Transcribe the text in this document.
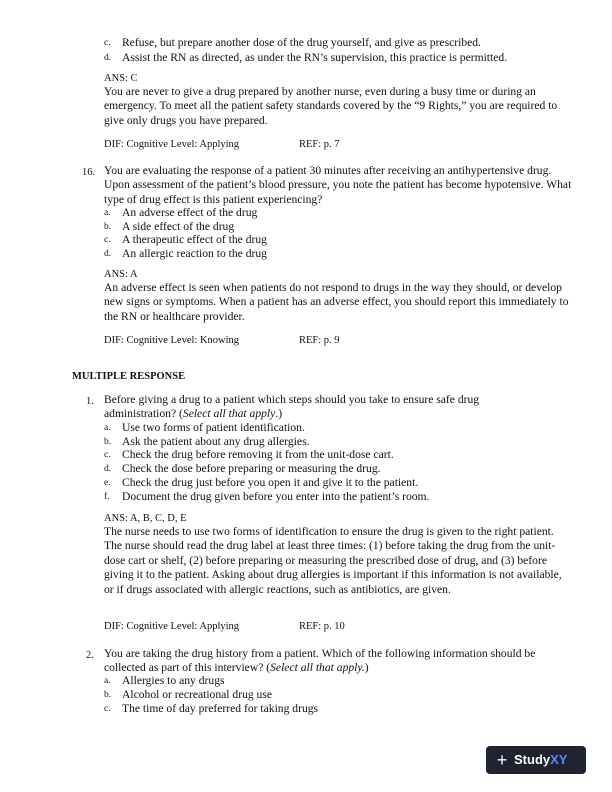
c. Refuse, but prepare another dose of the drug yourself, and give as prescribed.
d. Assist the RN as directed, as under the RN’s supervision, this practice is permitted.
ANS: C
You are never to give a drug prepared by another nurse, even during a busy time or during an emergency. To meet all the patient safety standards covered by the “9 Rights,” you are required to give only drugs you have prepared.
DIF: Cognitive Level: Applying	REF: p. 7
16. You are evaluating the response of a patient 30 minutes after receiving an antihypertensive drug. Upon assessment of the patient’s blood pressure, you note the patient has become hypotensive. What type of drug effect is this patient experiencing?
a. An adverse effect of the drug
b. A side effect of the drug
c. A therapeutic effect of the drug
d. An allergic reaction to the drug
ANS: A
An adverse effect is seen when patients do not respond to drugs in the way they should, or develop new signs or symptoms. When a patient has an adverse effect, you should report this immediately to the RN or healthcare provider.
DIF: Cognitive Level: Knowing	REF: p. 9
MULTIPLE RESPONSE
1. Before giving a drug to a patient which steps should you take to ensure safe drug
administration? (Select all that apply.)
a. Use two forms of patient identification.
b. Ask the patient about any drug allergies.
c. Check the drug before removing it from the unit-dose cart.
d. Check the dose before preparing or measuring the drug.
e. Check the drug just before you open it and give it to the patient.
f. Document the drug given before you enter into the patient’s room.
ANS: A, B, C, D, E
The nurse needs to use two forms of identification to ensure the drug is given to the right patient. The nurse should read the drug label at least three times: (1) before taking the drug from the unit-dose cart or shelf, (2) before preparing or measuring the prescribed dose of drug, and (3) before giving it to the patient. Asking about drug allergies is important if this information is not available, or if drugs associated with allergic reactions, such as antibiotics, are given.
DIF: Cognitive Level: Applying	REF: p. 10
2. You are taking the drug history from a patient. Which of the following information should be
collected as part of this interview? (Select all that apply.)
a. Allergies to any drugs
b. Alcohol or recreational drug use
c. The time of day preferred for taking drugs
+ Study XY
